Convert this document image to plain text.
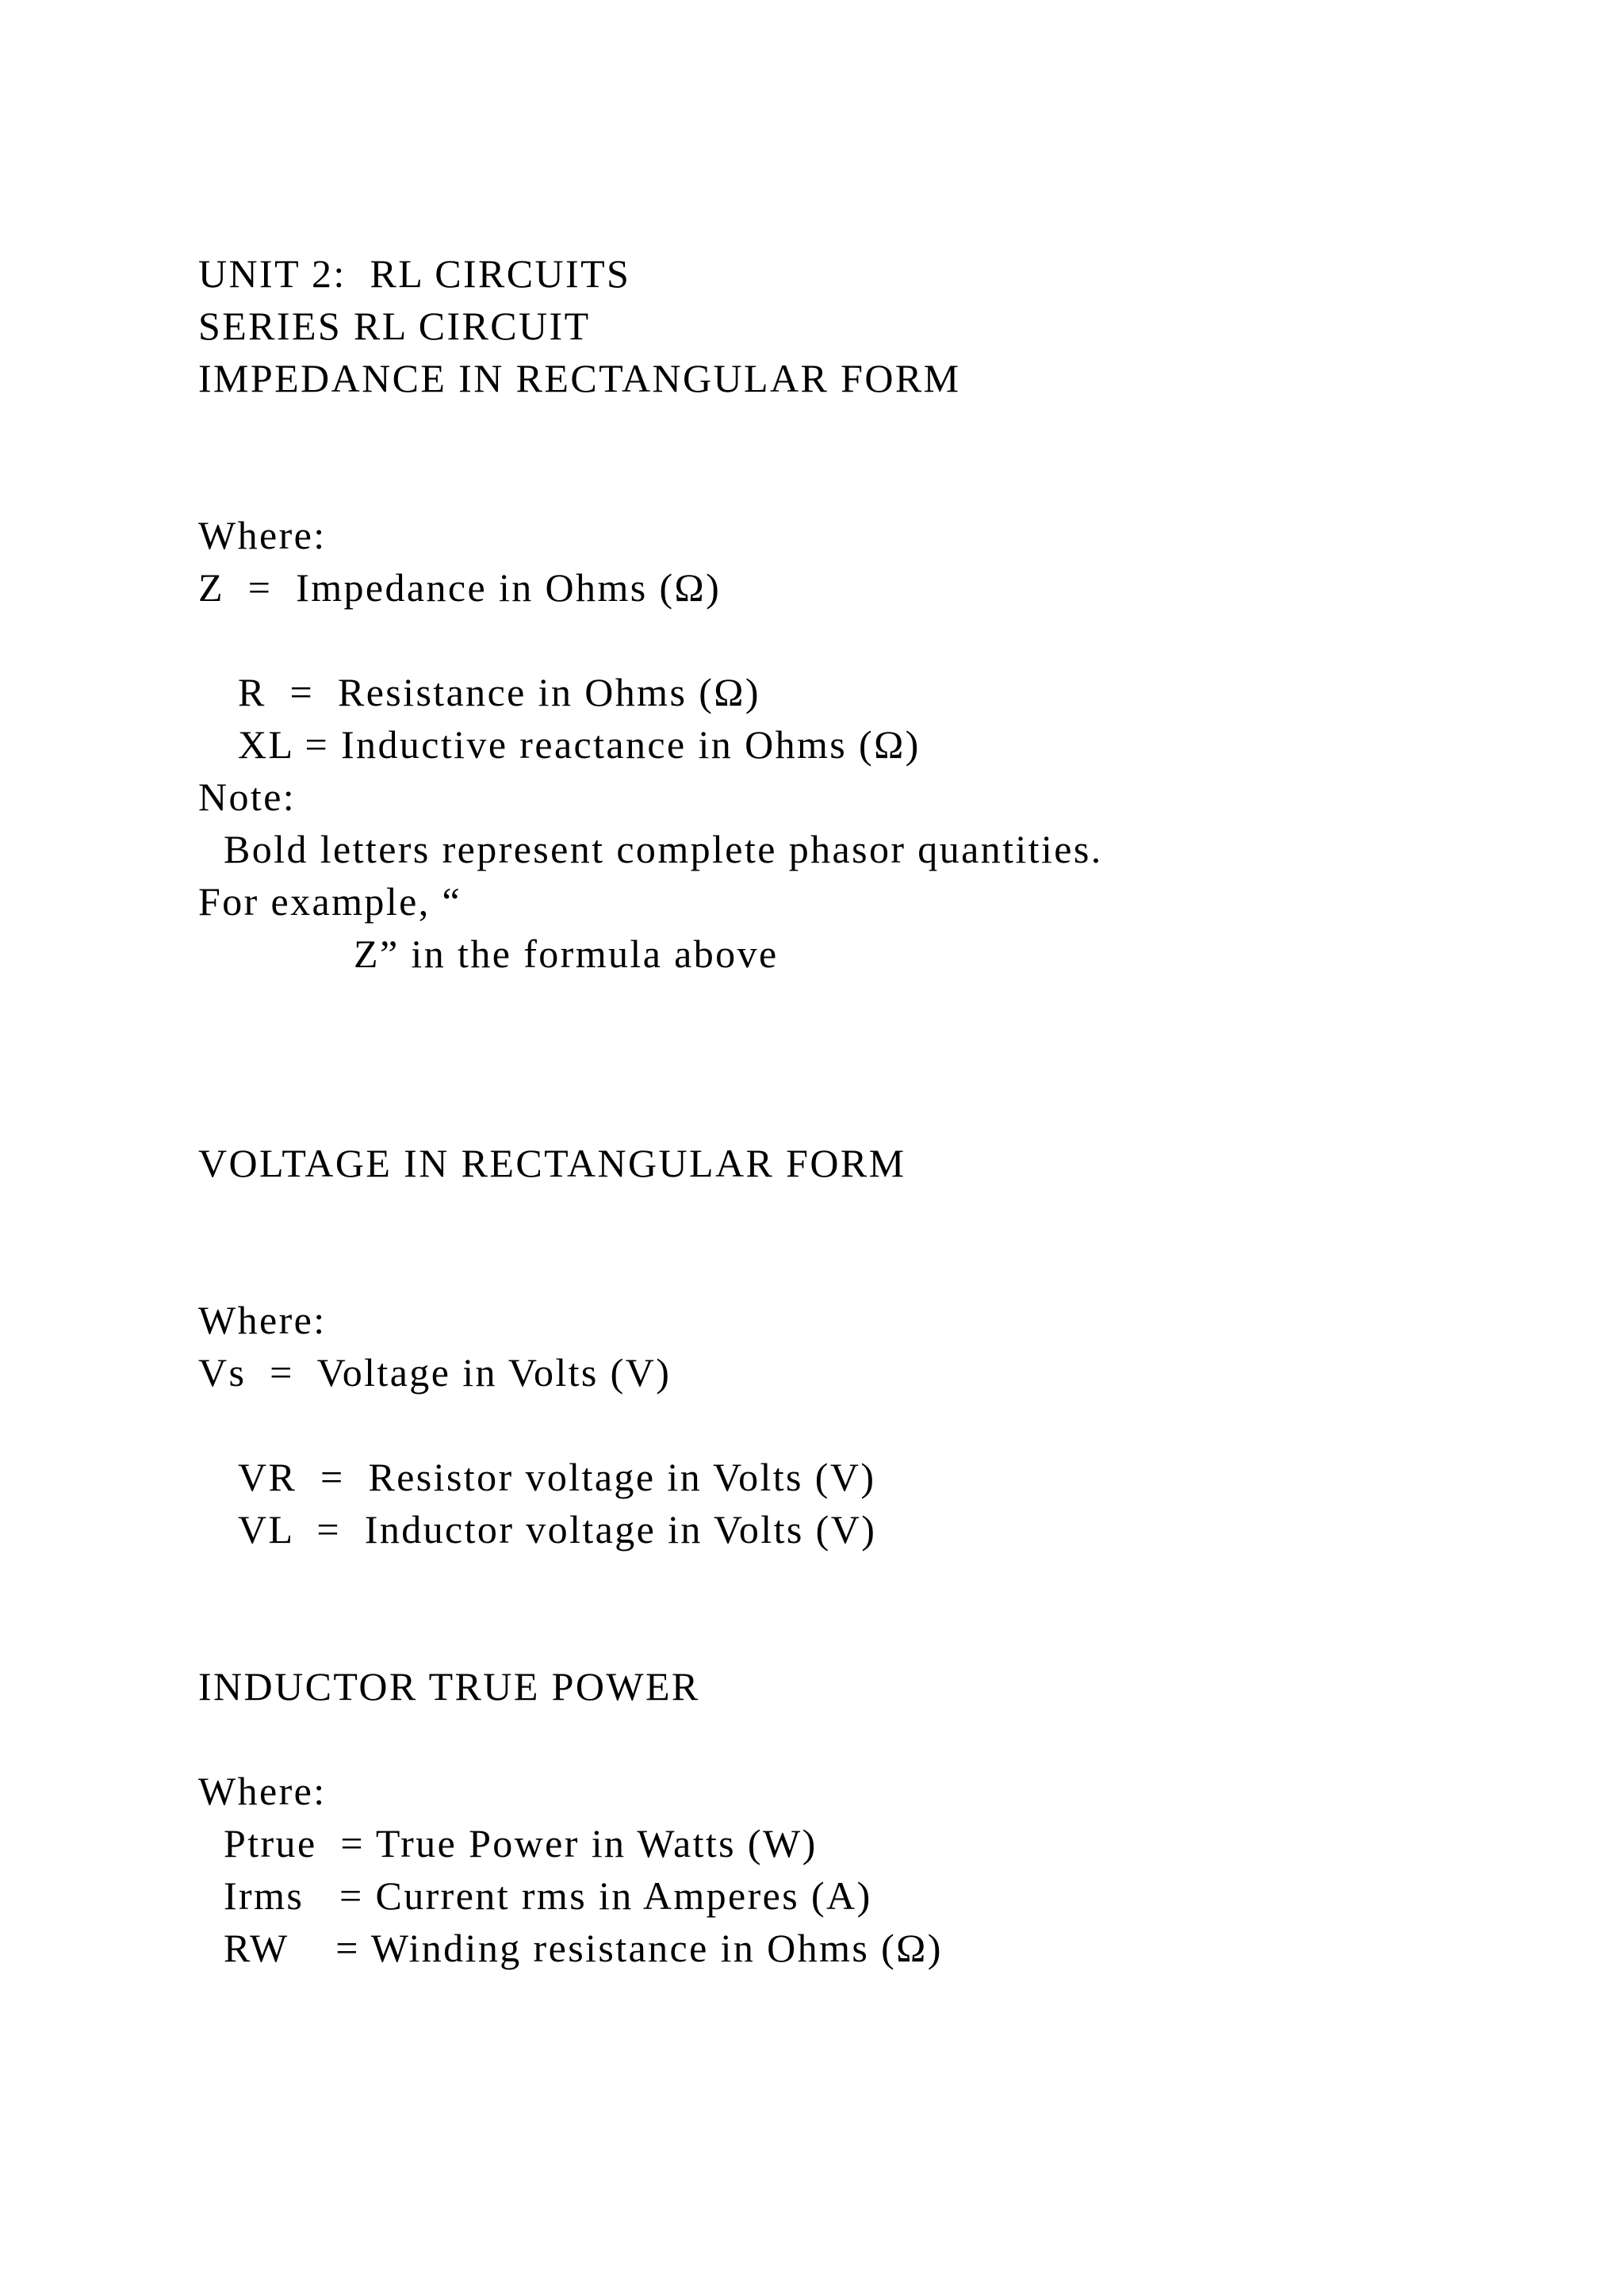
UNIT 2:  RL CIRCUITS
SERIES RL CIRCUIT
IMPEDANCE IN RECTANGULAR FORM
Where:
Z  =  Impedance in Ohms (Ω)
R  =  Resistance in Ohms (Ω)
XL = Inductive reactance in Ohms (Ω)
Note:
Bold letters represent complete phasor quantities.
For example, “
Z” in the formula above
VOLTAGE IN RECTANGULAR FORM
Where:
Vs  =  Voltage in Volts (V)
VR  =  Resistor voltage in Volts (V)
VL  =  Inductor voltage in Volts (V)
INDUCTOR TRUE POWER
Where:
Ptrue  = True Power in Watts (W)
Irms   = Current rms in Amperes (A)
RW    = Winding resistance in Ohms (Ω)
